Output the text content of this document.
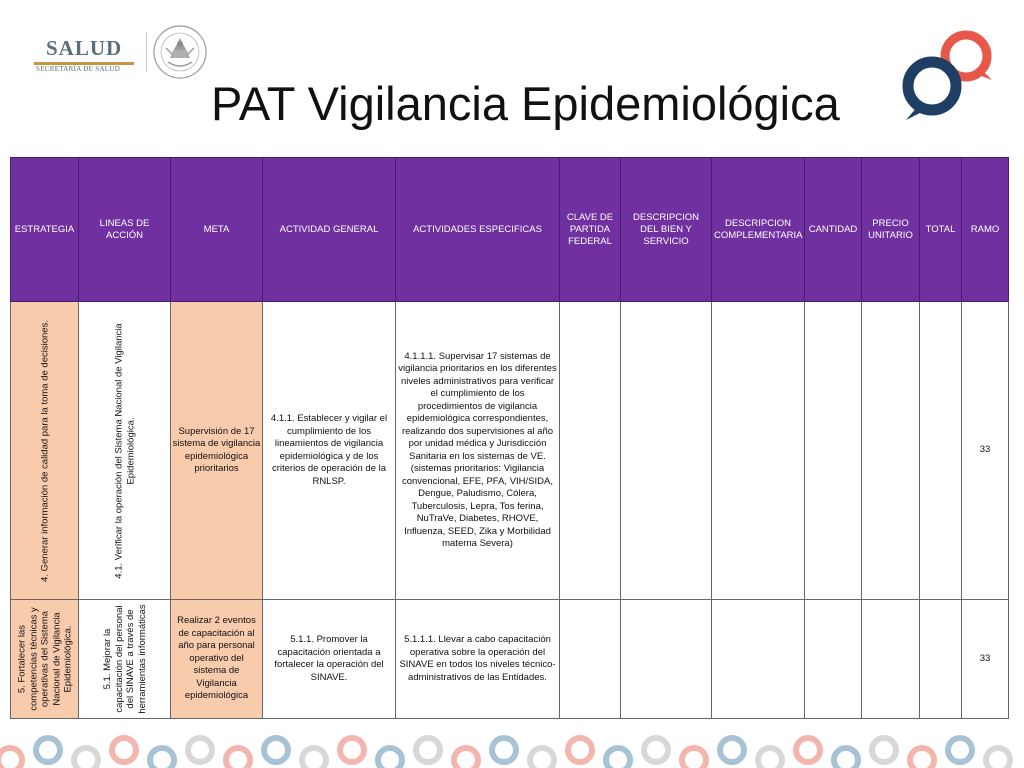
SALUD
SECRETARÍA DE SALUD
PAT Vigilancia Epidemiológica
ESTRATEGIA	LINEAS DE ACCIÓN	META	ACTIVIDAD GENERAL	ACTIVIDADES ESPECIFICAS	CLAVE DE PARTIDA FEDERAL	DESCRIPCION DEL BIEN Y SERVICIO	DESCRIPCION COMPLEMENTARIA	CANTIDAD	PRECIO UNITARIO	TOTAL	RAMO

4. Generar información de calidad para la toma de decisiones.	4.1. Verificar la operación del Sistema Nacional de Vigilancia Epidemiológica.	Supervisión de 17 sistema de vigilancia epidemiológica prioritarios	4.1.1. Establecer y vigilar el cumplimiento de los lineamientos de vigilancia epidemiológica y de los criterios de operación de la RNLSP.	4.1.1.1. Supervisar 17 sistemas de vigilancia prioritarios en los diferentes niveles administrativos para verificar el cumplimiento de los procedimientos de vigilancia epidemiológica correspondientes, realizando dos supervisiones al año por unidad médica y Jurisdicción Sanitaria en los sistemas de VE. (sistemas prioritarios: Vigilancia convencional, EFE, PFA, VIH/SIDA, Dengue, Paludismo, Cólera, Tuberculosis, Lepra, Tos ferina, NuTraVe, Diabetes, RHOVE, Influenza, SEED, Zika y Morbilidad materna Severa)							33

5. Fortalecer las competencias técnicas y operativas del Sistema Nacional de Vigilancia Epidemiológica.	5.1. Mejorar la capacitación del personal del SINAVE a través de herramientas informáticas	Realizar 2 eventos de capacitación al año para personal operativo del sistema de Vigilancia epidemiológica	5.1.1. Promover la capacitación orientada a fortalecer la operación del SINAVE.	5.1.1.1. Llevar a cabo capacitación operativa sobre la operación del SINAVE en todos los niveles técnico-administrativos de las Entidades.							33
